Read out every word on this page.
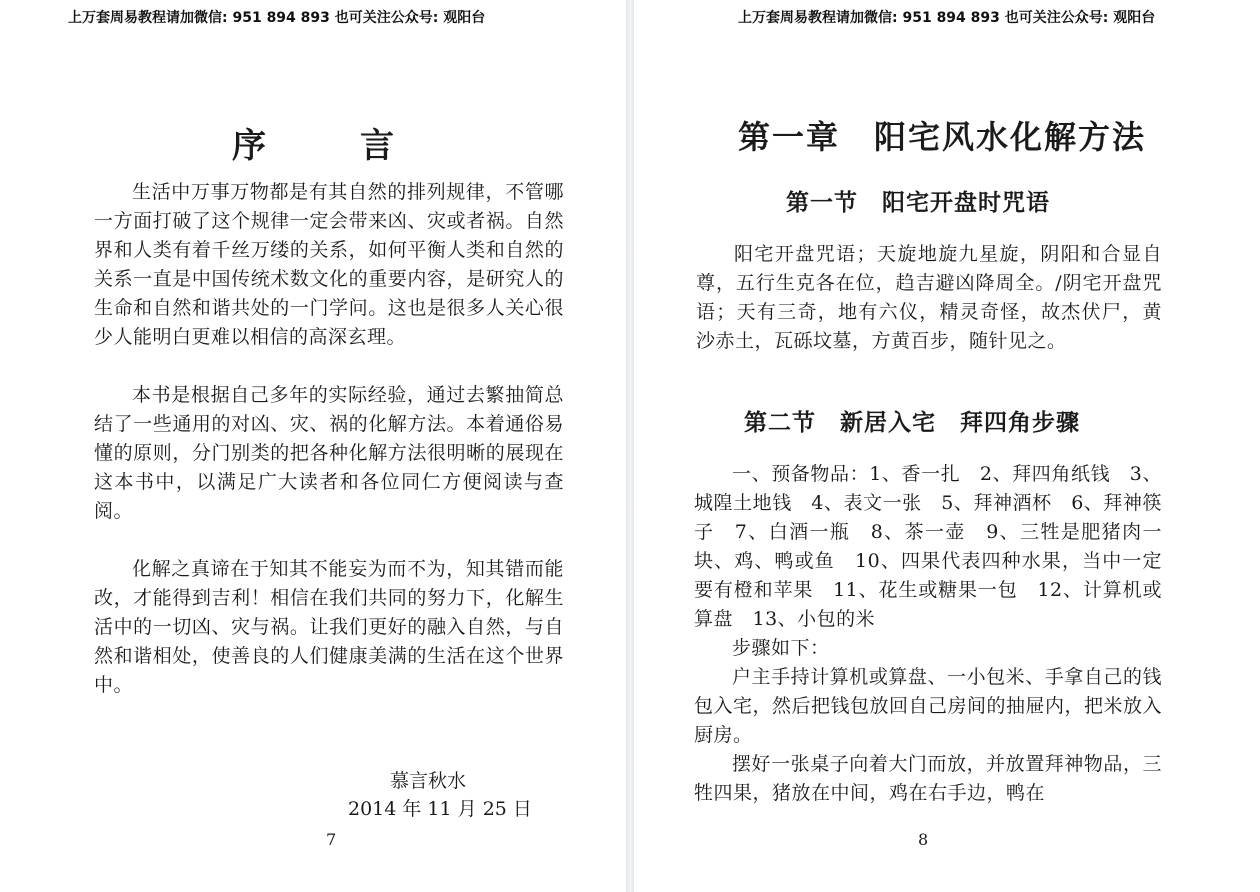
上万套周易教程请加微信: 951 894 893 也可关注公众号: 观阳台
序　言

生活中万事万物都是有其自然的排列规律，不管哪一方面打破了这个规律一定会带来凶、灾或者祸。自然界和人类有着千丝万缕的关系，如何平衡人类和自然的关系一直是中国传统术数文化的重要内容，是研究人的生命和自然和谐共处的一门学问。这也是很多人关心很少人能明白更难以相信的高深玄理。

本书是根据自己多年的实际经验，通过去繁抽简总结了一些通用的对凶、灾、祸的化解方法。本着通俗易懂的原则，分门别类的把各种化解方法很明晰的展现在这本书中，以满足广大读者和各位同仁方便阅读与查阅。

化解之真谛在于知其不能妄为而不为，知其错而能改，才能得到吉利！相信在我们共同的努力下，化解生活中的一切凶、灾与祸。让我们更好的融入自然，与自然和谐相处，使善良的人们健康美满的生活在这个世界中。

慕言秋水
2014 年 11 月 25 日
7
上万套周易教程请加微信: 951 894 893 也可关注公众号: 观阳台
第一章　阳宅风水化解方法
第一节　阳宅开盘时咒语

阳宅开盘咒语；天旋地旋九星旋，阴阳和合显自尊，五行生克各在位，趋吉避凶降周全。/阴宅开盘咒语；天有三奇，地有六仪，精灵奇怪，故杰伏尸，黄沙赤土，瓦砾坟墓，方黄百步，随针见之。

第二节　新居入宅　拜四角步骤

一、预备物品：1、香一扎　2、拜四角纸钱　3、城隍土地钱　4、表文一张　5、拜神酒杯　6、拜神筷子　7、白酒一瓶　8、茶一壶　9、三牲是肥猪肉一块、鸡、鸭或鱼　10、四果代表四种水果，当中一定要有橙和苹果　11、花生或糖果一包　12、计算机或算盘　13、小包的米

步骤如下：

户主手持计算机或算盘、一小包米、手拿自己的钱包入宅，然后把钱包放回自己房间的抽屉内，把米放入厨房。

摆好一张桌子向着大门而放，并放置拜神物品，三牲四果，猪放在中间，鸡在右手边，鸭在

8
